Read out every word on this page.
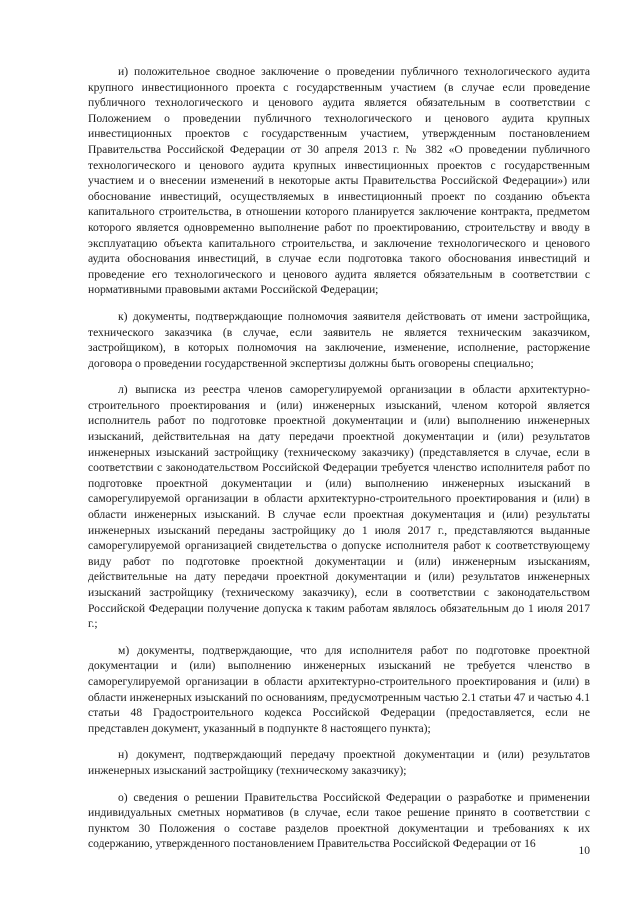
и) положительное сводное заключение о проведении публичного технологического аудита крупного инвестиционного проекта с государственным участием (в случае если проведение публичного технологического и ценового аудита является обязательным в соответствии с Положением о проведении публичного технологического и ценового аудита крупных инвестиционных проектов с государственным участием, утвержденным постановлением Правительства Российской Федерации от 30 апреля 2013 г. № 382 «О проведении публичного технологического и ценового аудита крупных инвестиционных проектов с государственным участием и о внесении изменений в некоторые акты Правительства Российской Федерации») или обоснование инвестиций, осуществляемых в инвестиционный проект по созданию объекта капитального строительства, в отношении которого планируется заключение контракта, предметом которого является одновременно выполнение работ по проектированию, строительству и вводу в эксплуатацию объекта капитального строительства, и заключение технологического и ценового аудита обоснования инвестиций, в случае если подготовка такого обоснования инвестиций и проведение его технологического и ценового аудита является обязательным в соответствии с нормативными правовыми актами Российской Федерации;

к) документы, подтверждающие полномочия заявителя действовать от имени застройщика, технического заказчика (в случае, если заявитель не является техническим заказчиком, застройщиком), в которых полномочия на заключение, изменение, исполнение, расторжение договора о проведении государственной экспертизы должны быть оговорены специально;

л) выписка из реестра членов саморегулируемой организации в области архитектурно-строительного проектирования и (или) инженерных изысканий, членом которой является исполнитель работ по подготовке проектной документации и (или) выполнению инженерных изысканий, действительная на дату передачи проектной документации и (или) результатов инженерных изысканий застройщику (техническому заказчику) (представляется в случае, если в соответствии с законодательством Российской Федерации требуется членство исполнителя работ по подготовке проектной документации и (или) выполнению инженерных изысканий в саморегулируемой организации в области архитектурно-строительного проектирования и (или) в области инженерных изысканий. В случае если проектная документация и (или) результаты инженерных изысканий переданы застройщику до 1 июля 2017 г., представляются выданные саморегулируемой организацией свидетельства о допуске исполнителя работ к соответствующему виду работ по подготовке проектной документации и (или) инженерным изысканиям, действительные на дату передачи проектной документации и (или) результатов инженерных изысканий застройщику (техническому заказчику), если в соответствии с законодательством Российской Федерации получение допуска к таким работам являлось обязательным до 1 июля 2017 г.;

м) документы, подтверждающие, что для исполнителя работ по подготовке проектной документации и (или) выполнению инженерных изысканий не требуется членство в саморегулируемой организации в области архитектурно-строительного проектирования и (или) в области инженерных изысканий по основаниям, предусмотренным частью 2.1 статьи 47 и частью 4.1 статьи 48 Градостроительного кодекса Российской Федерации (предоставляется, если не представлен документ, указанный в подпункте 8 настоящего пункта);

н) документ, подтверждающий передачу проектной документации и (или) результатов инженерных изысканий застройщику (техническому заказчику);

о) сведения о решении Правительства Российской Федерации о разработке и применении индивидуальных сметных нормативов (в случае, если такое решение принято в соответствии с пунктом 30 Положения о составе разделов проектной документации и требованиях к их содержанию, утвержденного постановлением Правительства Российской Федерации от 16

10
